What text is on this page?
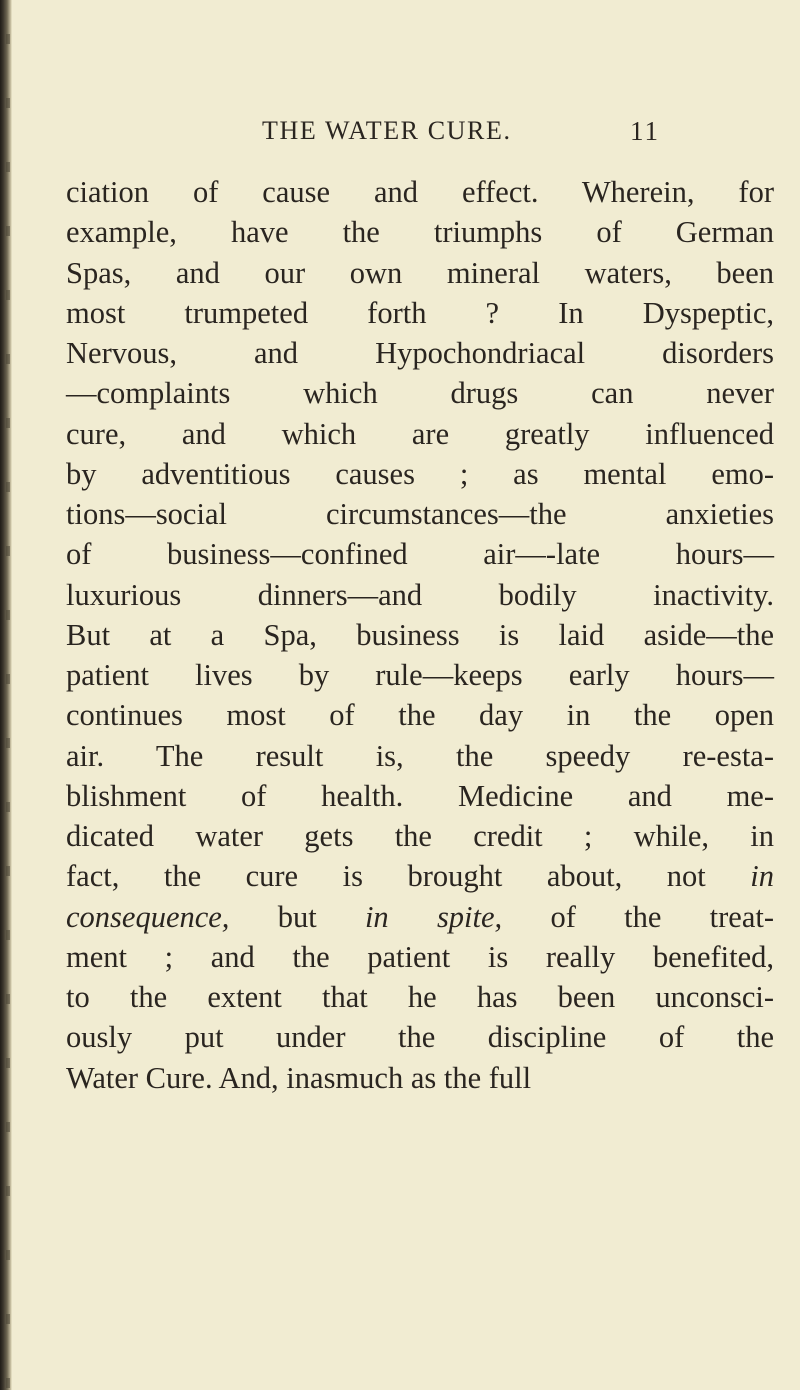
THE WATER CURE.	11
ciation of cause and effect. Wherein, for
example, have the triumphs of German
Spas, and our own mineral waters, been
most trumpeted forth ? In Dyspeptic,
Nervous, and Hypochondriacal disorders
—complaints which drugs can never
cure, and which are greatly influenced
by adventitious causes ; as mental emo-
tions—social circumstances—the anxieties
of business—confined air—-late hours—
luxurious dinners—and bodily inactivity.
But at a Spa, business is laid aside—the
patient lives by rule—keeps early hours—
continues most of the day in the open
air. The result is, the speedy re-esta-
blishment of health. Medicine and me-
dicated water gets the credit ; while, in
fact, the cure is brought about, not in
consequence, but in spite, of the treat-
ment ; and the patient is really benefited,
to the extent that he has been unconsci-
ously put under the discipline of the
Water Cure. And, inasmuch as the full
